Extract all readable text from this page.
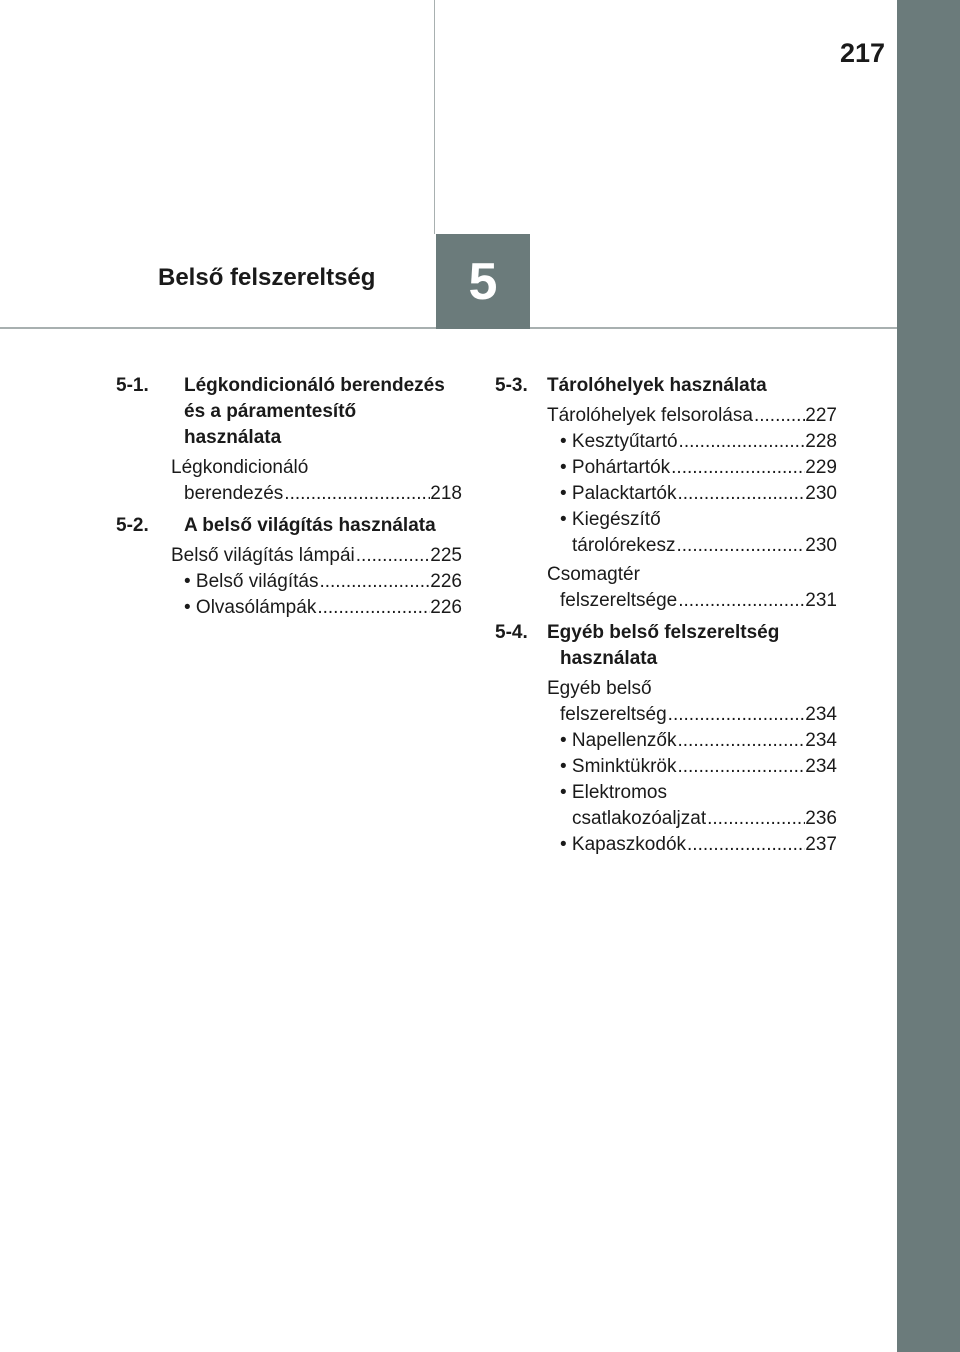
217
Belső felszereltség	5
5-1. Légkondicionáló berendezés
és a páramentesítő
használata
Légkondicionáló
berendezés .....	218
5-2. A belső világítás használata
Belső világítás lámpái .....	225
• Belső világítás .....	226
• Olvasólámpák .....	226
5-3. Tárolóhelyek használata
Tárolóhelyek felsorolása .....	227
• Kesztyűtartó .....	228
• Pohártartók .....	229
• Palacktartók .....	230
• Kiegészítő
tárolórekesz .....	230
Csomagtér
felszereltsége .....	231
5-4. Egyéb belső felszereltség
használata
Egyéb belső
felszereltség .....	234
• Napellenzők .....	234
• Sminktükrök .....	234
• Elektromos
csatlakozóaljzat .....	236
• Kapaszkodók .....	237
